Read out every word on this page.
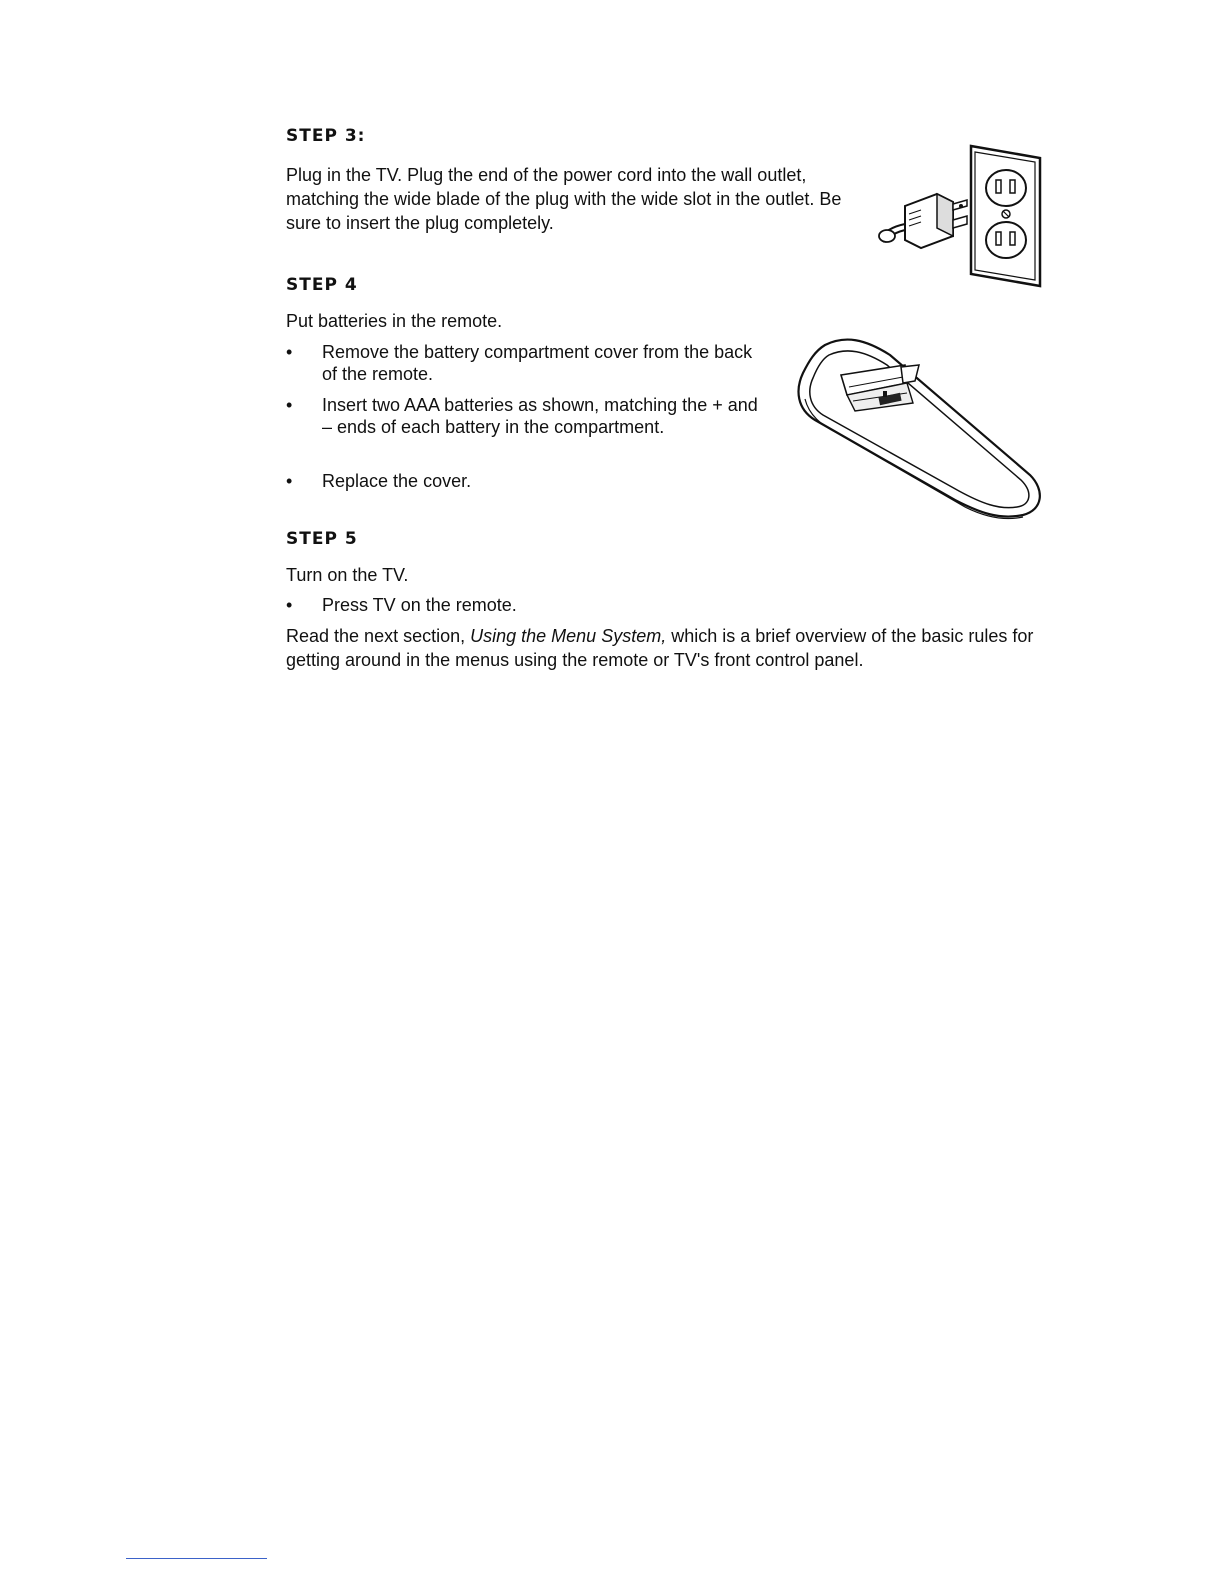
STEP 3:

Plug in the TV. Plug the end of the power cord into the wall outlet, matching the wide blade of the plug with the wide slot in the outlet. Be sure to insert the plug completely.

STEP 4

Put batteries in the remote.

• Remove the battery compartment cover from the back of the remote.
• Insert two AAA batteries as shown, matching the + and – ends of each battery in the compartment.
• Replace the cover.
STEP 5

Turn on the TV.

• Press TV on the remote.

Read the next section, Using the Menu System, which is a brief overview of the basic rules for getting around in the menus using the remote or TV's front control panel.
